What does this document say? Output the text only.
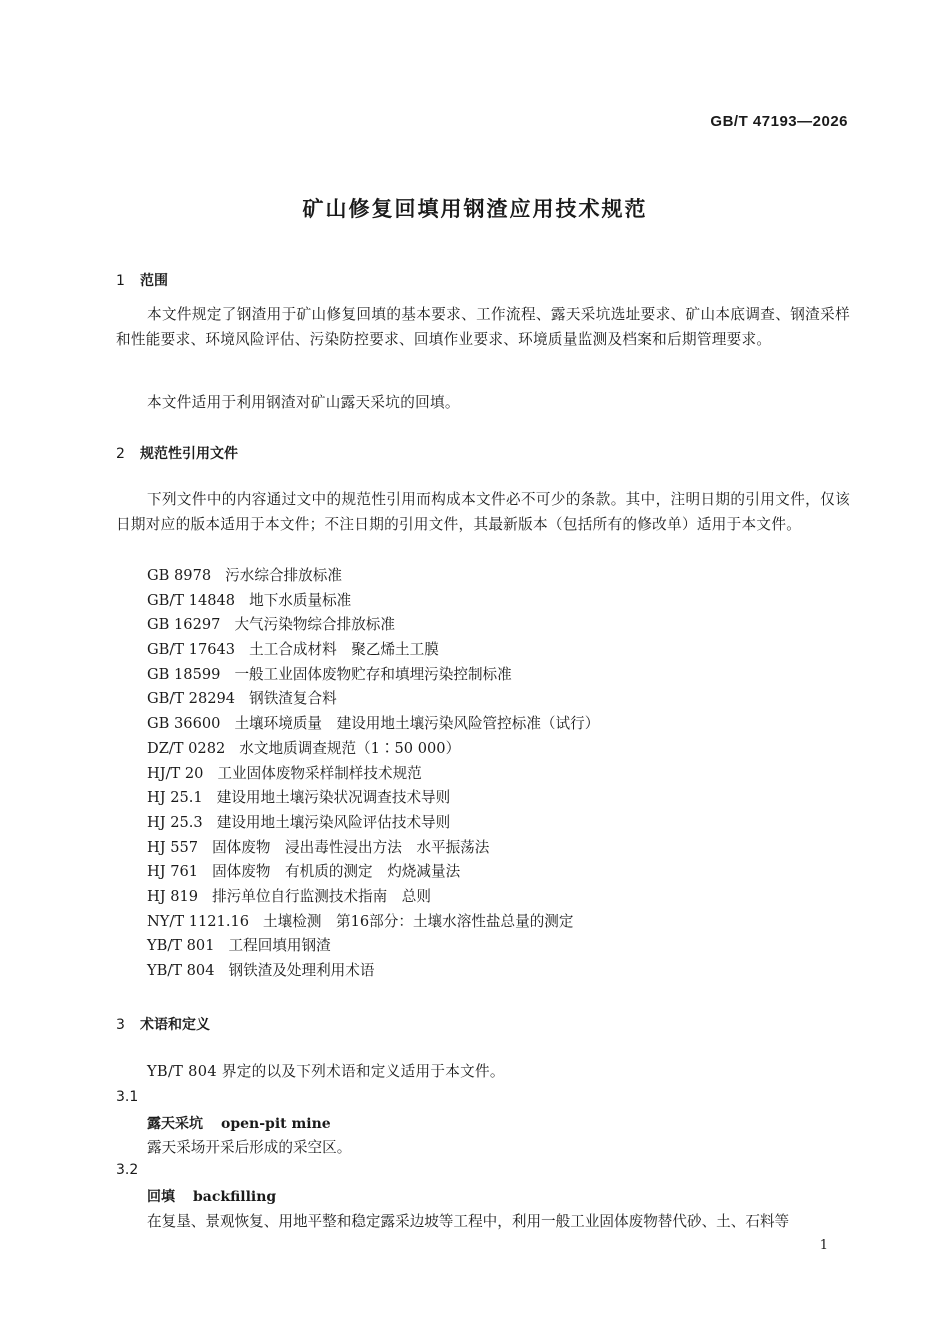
GB/T 47193—2026
矿山修复回填用钢渣应用技术规范
1 范围

本文件规定了钢渣用于矿山修复回填的基本要求、工作流程、露天采坑选址要求、矿山本底调查、钢渣采样和性能要求、环境风险评估、污染防控要求、回填作业要求、环境质量监测及档案和后期管理要求。

本文件适用于利用钢渣对矿山露天采坑的回填。

2 规范性引用文件

下列文件中的内容通过文中的规范性引用而构成本文件必不可少的条款。其中，注明日期的引用文件，仅该日期对应的版本适用于本文件；不注日期的引用文件，其最新版本（包括所有的修改单）适用于本文件。

GB 8978 污水综合排放标准
GB/T 14848 地下水质量标准
GB 16297 大气污染物综合排放标准
GB/T 17643 土工合成材料　聚乙烯土工膜
GB 18599 一般工业固体废物贮存和填埋污染控制标准
GB/T 28294 钢铁渣复合料
GB 36600 土壤环境质量　建设用地土壤污染风险管控标准（试行）
DZ/T 0282 水文地质调查规范（1∶50 000）
HJ/T 20 工业固体废物采样制样技术规范
HJ 25.1 建设用地土壤污染状况调查技术导则
HJ 25.3 建设用地土壤污染风险评估技术导则
HJ 557 固体废物　浸出毒性浸出方法　水平振荡法
HJ 761 固体废物　有机质的测定　灼烧减量法
HJ 819 排污单位自行监测技术指南　总则
NY/T 1121.16 土壤检测　第16部分：土壤水溶性盐总量的测定
YB/T 801 工程回填用钢渣
YB/T 804 钢铁渣及处理利用术语
3 术语和定义

YB/T 804 界定的以及下列术语和定义适用于本文件。

3.1
露天采坑 open-pit mine
露天采场开采后形成的采空区。
3.2
回填 backfilling
在复垦、景观恢复、用地平整和稳定露采边坡等工程中，利用一般工业固体废物替代砂、土、石料等
1
